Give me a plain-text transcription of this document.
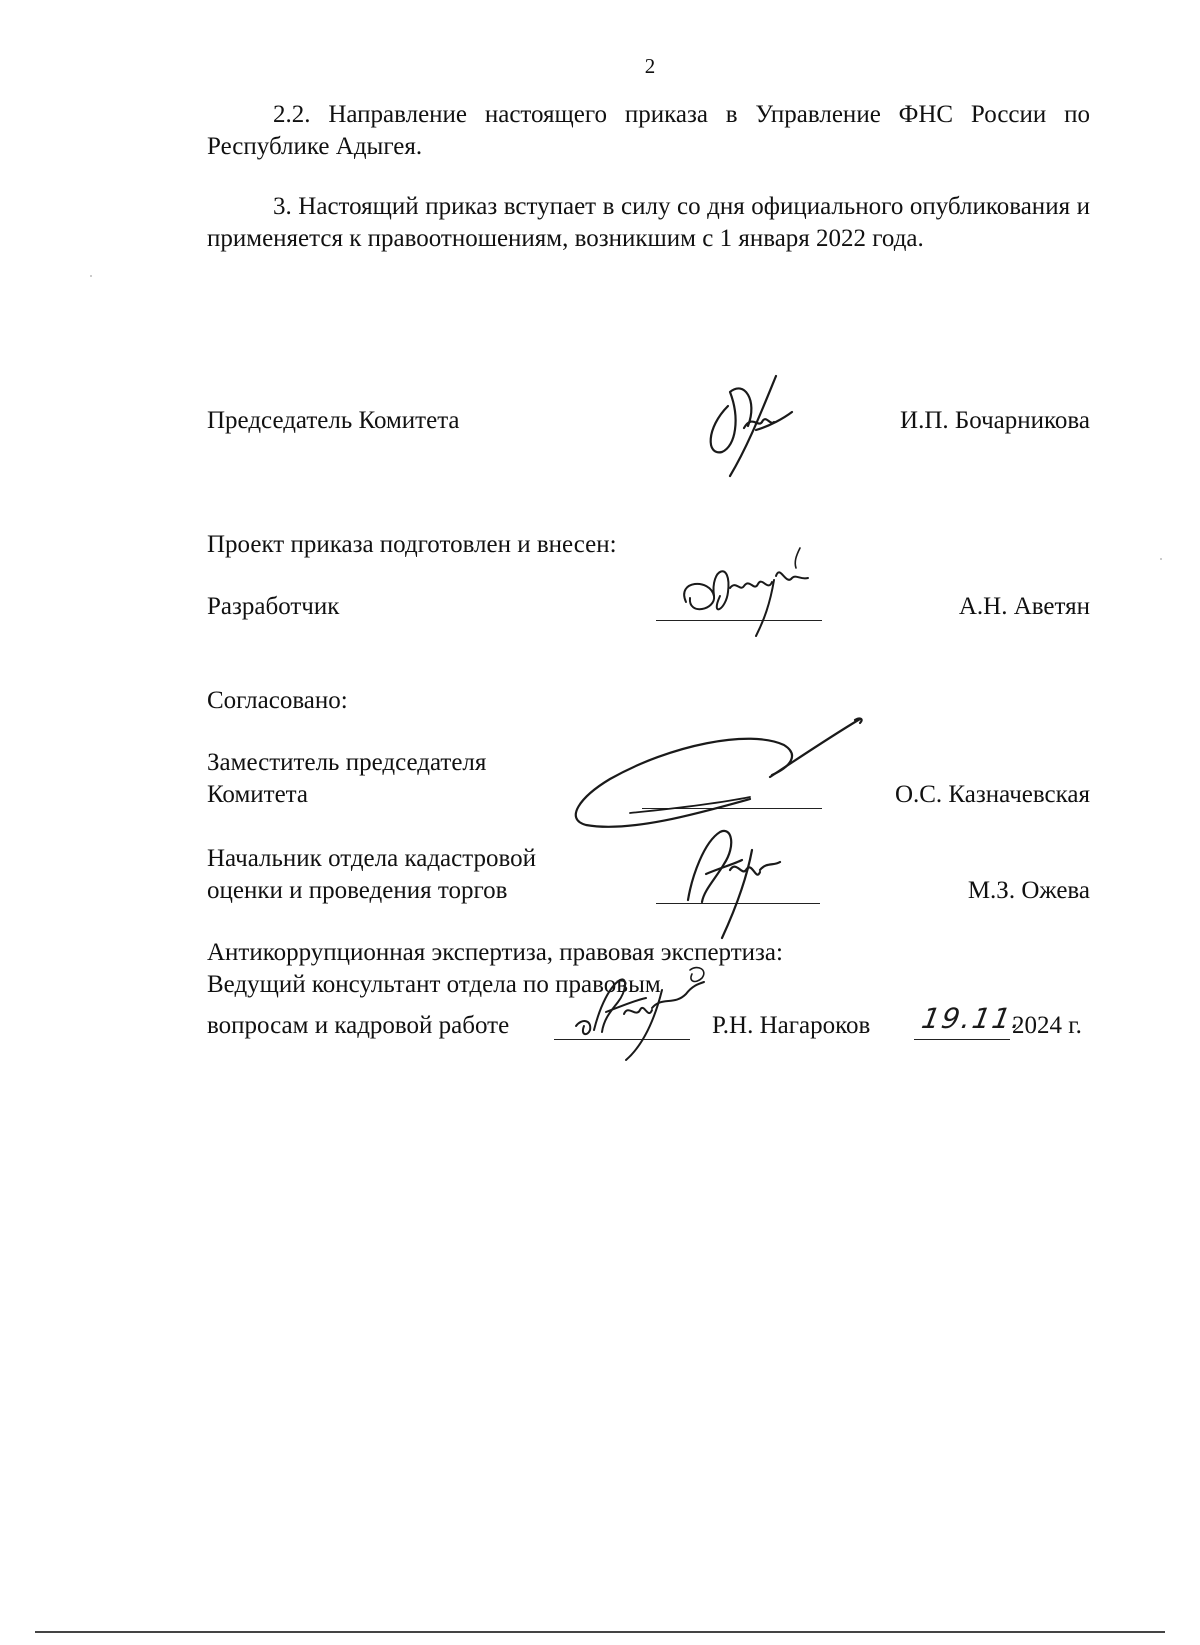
2
2.2. Направление настоящего приказа в Управление ФНС России по Республике Адыгея.
3. Настоящий приказ вступает в силу со дня официального опубликования и применяется к правоотношениям, возникшим с 1 января 2022 года.
Председатель Комитета	И.П. Бочарникова
Проект приказа подготовлен и внесен:
Разработчик	А.Н. Аветян
Согласовано:
Заместитель председателя
Комитета	О.С. Казначевская
Начальник отдела кадастровой
оценки и проведения торгов	М.З. Ожева
Антикоррупционная экспертиза, правовая экспертиза:
Ведущий консультант отдела по правовым
вопросам и кадровой работе	Р.Н. Нагароков 19.11.
2024 г.
